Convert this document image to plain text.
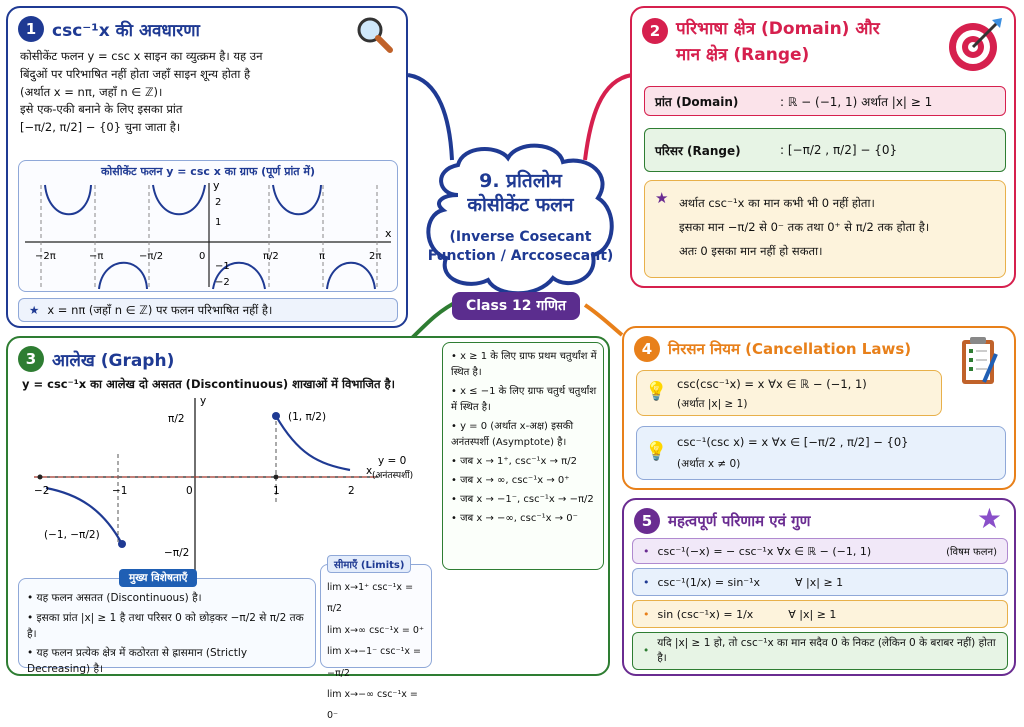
9. प्रतिलोम
कोसीकेंट फलन
(Inverse Cosecant
Function / Arccosecant)
Class 12 गणित
1 csc⁻¹x की अवधारणा
कोसीकेंट फलन y = csc x साइन का व्युत्क्रम है। यह उन
बिंदुओं पर परिभाषित नहीं होता जहाँ साइन शून्य होता है
(अर्थात x = nπ, जहाँ n ∈ ℤ)।
इसे एक-एकी बनाने के लिए इसका प्रांत
[−π/2, π/2] − {0} चुना जाता है।
कोसीकेंट फलन y = csc x का ग्राफ (पूर्ण प्रांत में)
x
y
−2π	−π	−π/2	0	π/2	π	2π
2
1
−1
−2
★ x = nπ (जहाँ n ∈ ℤ) पर फलन परिभाषित नहीं है।
2 परिभाषा क्षेत्र (Domain) और
मान क्षेत्र (Range)
प्रांत (Domain)	: ℝ − (−1, 1) अर्थात |x| ≥ 1
परिसर (Range)	: [−π/2 , π/2] − {0}
★ अर्थात csc⁻¹x का मान कभी भी 0 नहीं होता।
इसका मान −π/2 से 0⁻ तक तथा 0⁺ से π/2 तक होता है।
अतः 0 इसका मान नहीं हो सकता।
3 आलेख (Graph)
y = csc⁻¹x का आलेख दो असतत (Discontinuous) शाखाओं में विभाजित है।
−2	−1	0	1	2
x
y
π/2
−π/2
(1, π/2)
(−1, −π/2)
y = 0
(अनंतस्पर्शी)
मुख्य विशेषताएँ
• यह फलन असतत (Discontinuous) है।
• इसका प्रांत |x| ≥ 1 है तथा परिसर 0 को छोड़कर −π/2 से π/2 तक है।
• यह फलन प्रत्येक क्षेत्र में कठोरता से ह्रासमान (Strictly Decreasing) है।
सीमाएँ (Limits)
lim x→1⁺ csc⁻¹x = π/2
lim x→∞ csc⁻¹x = 0⁺
lim x→−1⁻ csc⁻¹x = −π/2
lim x→−∞ csc⁻¹x = 0⁻
• x ≥ 1 के लिए ग्राफ प्रथम चतुर्थांश में स्थित है।
• x ≤ −1 के लिए ग्राफ चतुर्थ चतुर्थांश में स्थित है।
• y = 0 (अर्थात x-अक्ष) इसकी अनंतस्पर्शी (Asymptote) है।
• जब x → 1⁺, csc⁻¹x → π/2
• जब x → ∞, csc⁻¹x → 0⁺
• जब x → −1⁻, csc⁻¹x → −π/2
• जब x → −∞, csc⁻¹x → 0⁻
4	निरसन नियम (Cancellation Laws)
💡 csc(csc⁻¹x) = x ∀x ∈ ℝ − (−1, 1)
(अर्थात |x| ≥ 1)
💡 csc⁻¹(csc x) = x ∀x ∈ [−π/2 , π/2] − {0}
(अर्थात x ≠ 0)
5	महत्वपूर्ण परिणाम एवं गुण	★
• csc⁻¹(−x) = − csc⁻¹x ∀x ∈ ℝ − (−1, 1)	(विषम फलन)
• csc⁻¹(1/x) = sin⁻¹x          ∀ |x| ≥ 1
• sin (csc⁻¹x) = 1/x          ∀ |x| ≥ 1
•
यदि |x| ≥ 1 हो, तो csc⁻¹x का मान सदैव 0 के निकट (लेकिन 0 के बराबर नहीं) होता है।
